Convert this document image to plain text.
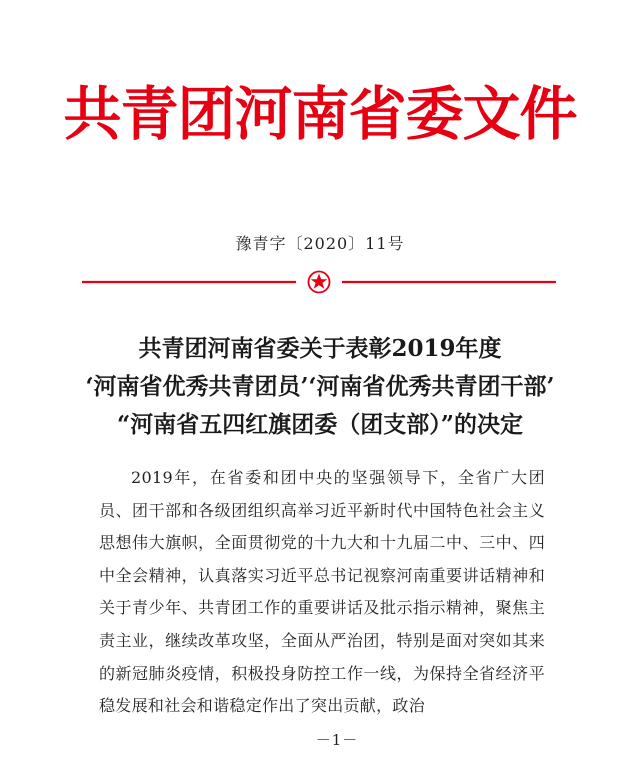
共青团河南省委文件
豫青字〔2020〕11号
共青团河南省委关于表彰2019年度
‘河南省优秀共青团员’‘河南省优秀共青团干部’
“河南省五四红旗团委（团支部）”的决定
2019年，在省委和团中央的坚强领导下，全省广大团员、团干部和各级团组织高举习近平新时代中国特色社会主义思想伟大旗帜，全面贯彻党的十九大和十九届二中、三中、四中全会精神，认真落实习近平总书记视察河南重要讲话精神和关于青少年、共青团工作的重要讲话及批示指示精神，聚焦主责主业，继续改革攻坚，全面从严治团，特别是面对突如其来的新冠肺炎疫情，积极投身防控工作一线，为保持全省经济平稳发展和社会和谐稳定作出了突出贡献，政治
－1－
